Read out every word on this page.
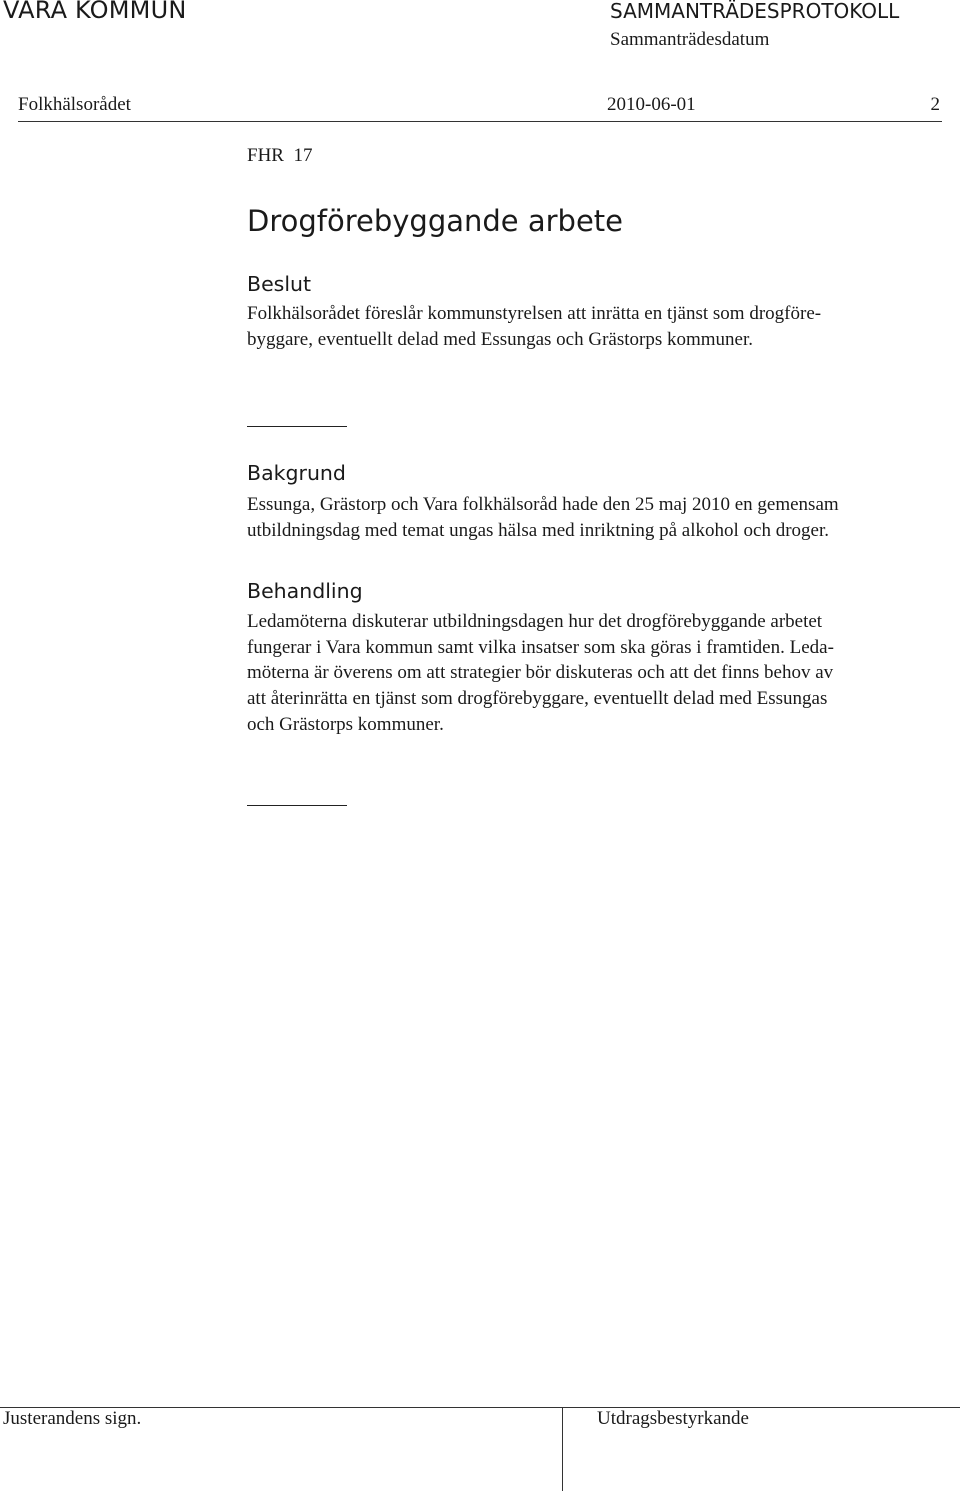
VARA KOMMUN	SAMMANTRÄDESPROTOKOLL
Sammanträdesdatum
Folkhälsorådet	2010-06-01	2
FHR  17
Drogförebyggande arbete
Beslut
Folkhälsorådet föreslår kommunstyrelsen att inrätta en tjänst som drogföre-
byggare, eventuellt delad med Essungas och Grästorps kommuner.
Bakgrund
Essunga, Grästorp och Vara folkhälsoråd hade den 25 maj 2010 en gemensam
utbildningsdag med temat ungas hälsa med inriktning på alkohol och droger.
Behandling
Ledamöterna diskuterar utbildningsdagen hur det drogförebyggande arbetet
fungerar i Vara kommun samt vilka insatser som ska göras i framtiden. Leda-
möterna är överens om att strategier bör diskuteras och att det finns behov av
att återinrätta en tjänst som drogförebyggare, eventuellt delad med Essungas
och Grästorps kommuner.
Justerandens sign.	Utdragsbestyrkande
